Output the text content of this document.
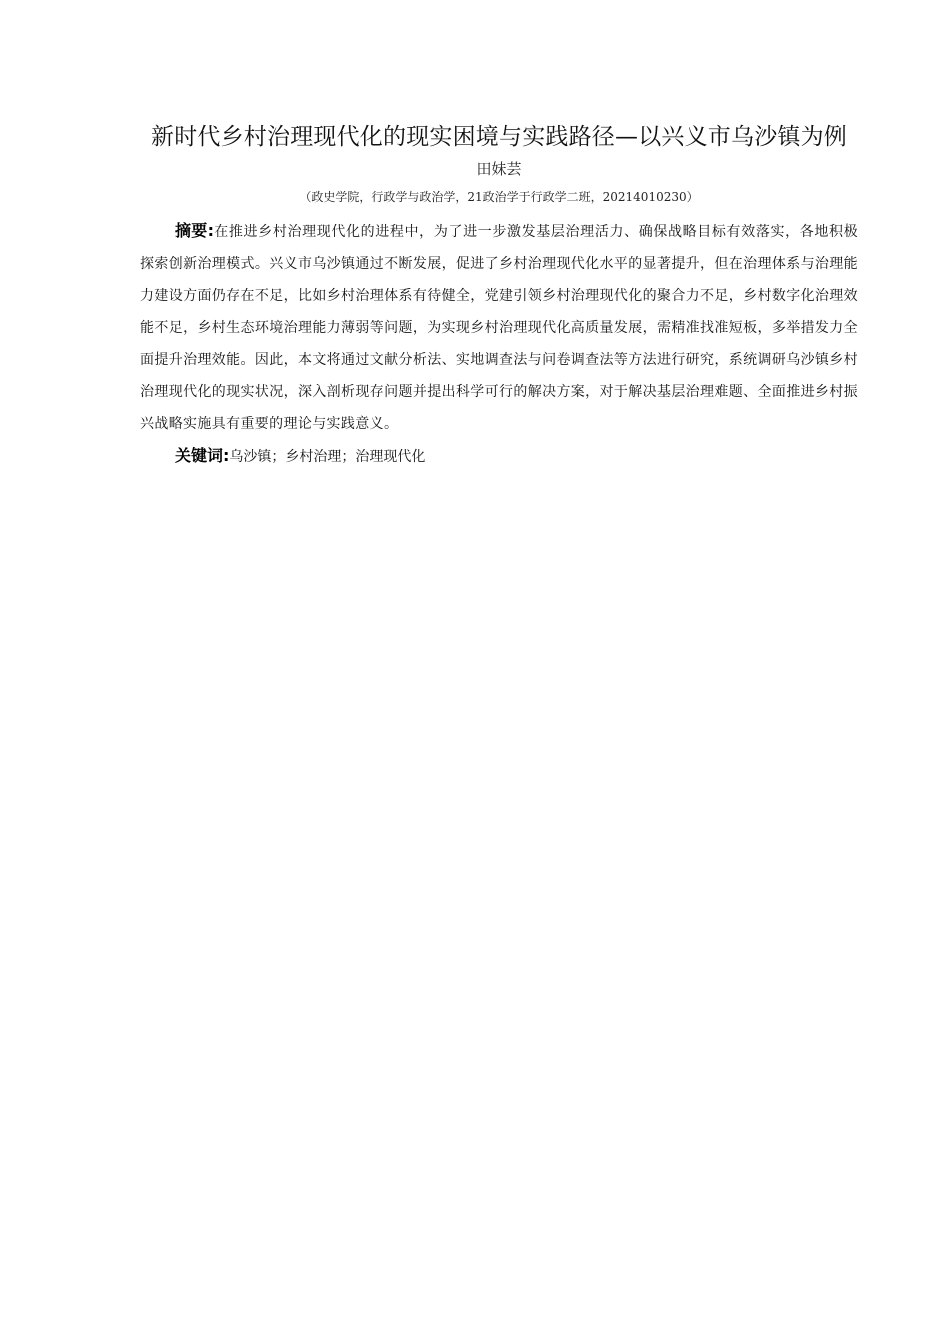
新时代乡村治理现代化的现实困境与实践路径—以兴义市乌沙镇为例
田妹芸
（政史学院，行政学与政治学，21政治学于行政学二班，20214010230）
摘要:在推进乡村治理现代化的进程中，为了进一步激发基层治理活力、确保战略目标有效落实，各地积极探索创新治理模式。兴义市乌沙镇通过不断发展，促进了乡村治理现代化水平的显著提升，但在治理体系与治理能力建设方面仍存在不足，比如乡村治理体系有待健全，党建引领乡村治理现代化的聚合力不足，乡村数字化治理效能不足，乡村生态环境治理能力薄弱等问题，为实现乡村治理现代化高质量发展，需精准找准短板，多举措发力全面提升治理效能。因此，本文将通过文献分析法、实地调查法与问卷调查法等方法进行研究，系统调研乌沙镇乡村治理现代化的现实状况，深入剖析现存问题并提出科学可行的解决方案，对于解决基层治理难题、全面推进乡村振兴战略实施具有重要的理论与实践意义。
关键词:乌沙镇；乡村治理；治理现代化
